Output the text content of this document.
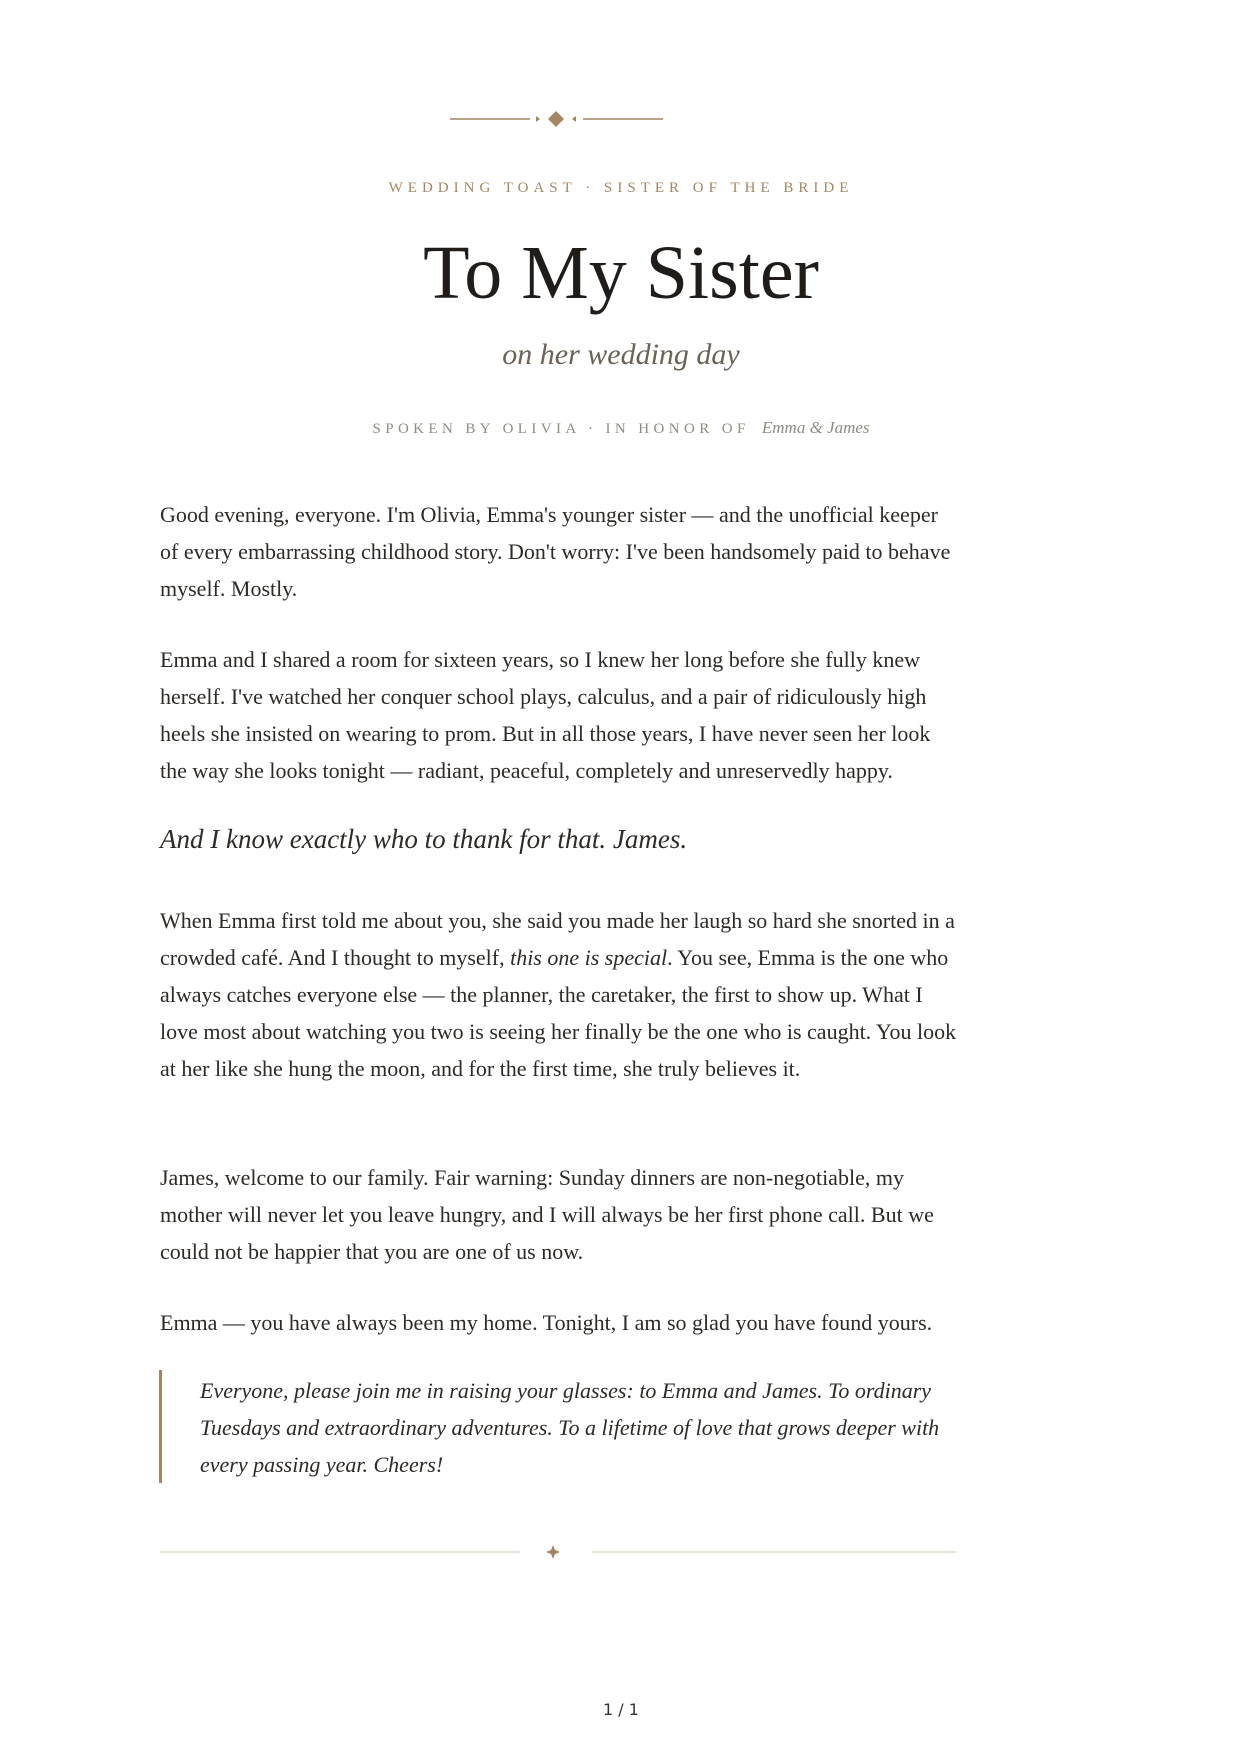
WEDDING TOAST · SISTER OF THE BRIDE
To My Sister
on her wedding day
SPOKEN BY OLIVIA · IN HONOR OF Emma & James

Good evening, everyone. I'm Olivia, Emma's younger sister — and the unofficial keeper of every embarrassing childhood story. Don't worry: I've been handsomely paid to behave myself. Mostly.

Emma and I shared a room for sixteen years, so I knew her long before she fully knew herself. I've watched her conquer school plays, calculus, and a pair of ridiculously high heels she insisted on wearing to prom. But in all those years, I have never seen her look the way she looks tonight — radiant, peaceful, completely and unreservedly happy.

And I know exactly who to thank for that. James.

When Emma first told me about you, she said you made her laugh so hard she snorted in a crowded café. And I thought to myself, this one is special. You see, Emma is the one who always catches everyone else — the planner, the caretaker, the first to show up. What I love most about watching you two is seeing her finally be the one who is caught. You look at her like she hung the moon, and for the first time, she truly believes it.

James, welcome to our family. Fair warning: Sunday dinners are non-negotiable, my mother will never let you leave hungry, and I will always be her first phone call. But we could not be happier that you are one of us now.

Emma — you have always been my home. Tonight, I am so glad you have found yours.

Everyone, please join me in raising your glasses: to Emma and James. To ordinary Tuesdays and extraordinary adventures. To a lifetime of love that grows deeper with every passing year. Cheers!

1 / 1
